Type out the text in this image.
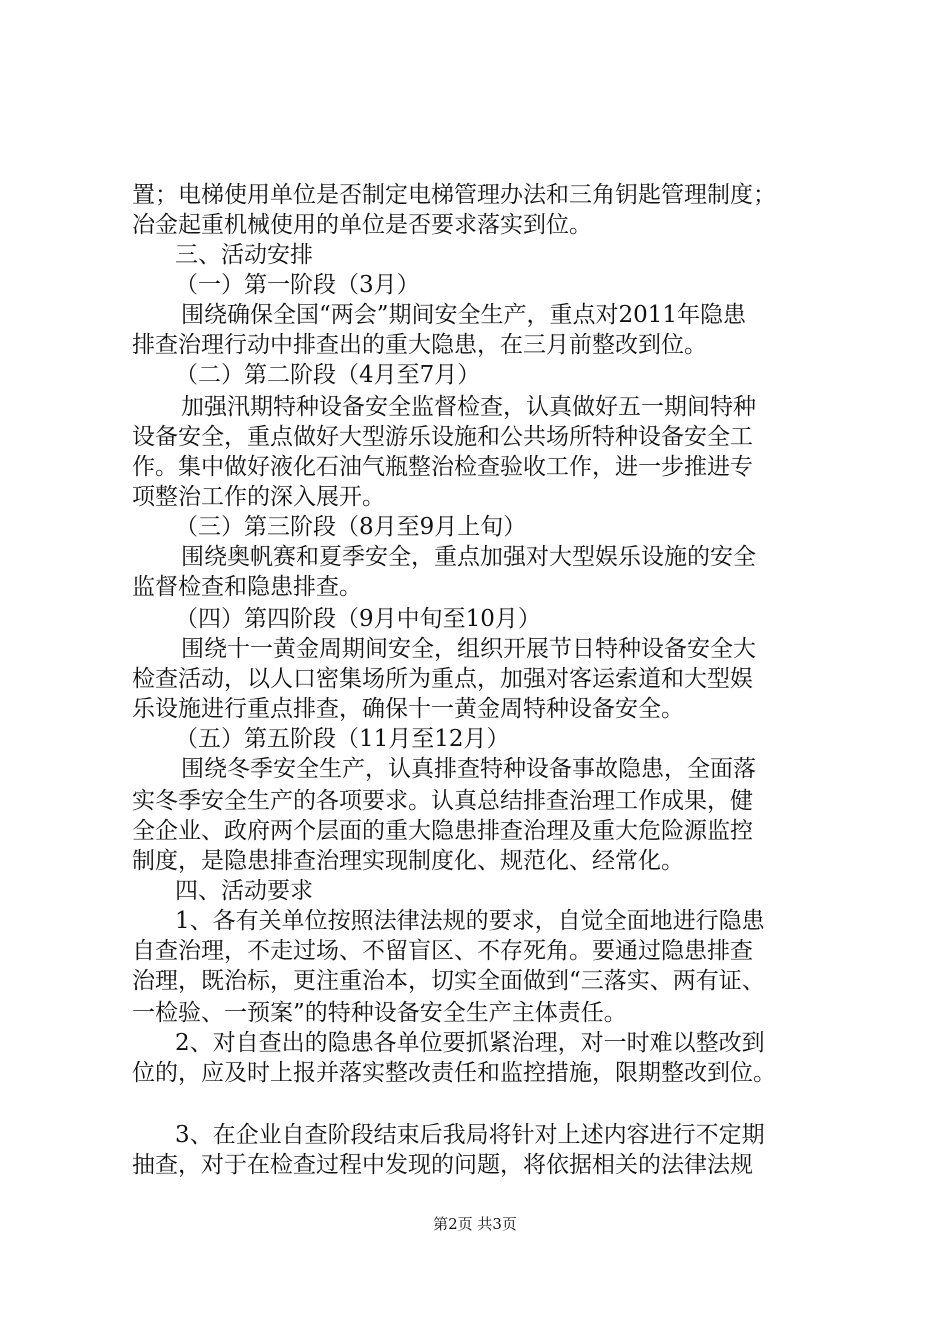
置；电梯使用单位是否制定电梯管理办法和三角钥匙管理制度；
冶金起重机械使用的单位是否要求落实到位。
三、活动安排
（一）第一阶段（3月）
围绕确保全国“两会”期间安全生产，重点对2011年隐患
排查治理行动中排查出的重大隐患，在三月前整改到位。
（二）第二阶段（4月至7月）
加强汛期特种设备安全监督检查，认真做好五一期间特种
设备安全，重点做好大型游乐设施和公共场所特种设备安全工
作。集中做好液化石油气瓶整治检查验收工作，进一步推进专
项整治工作的深入展开。
（三）第三阶段（8月至9月上旬）
围绕奥帆赛和夏季安全，重点加强对大型娱乐设施的安全
监督检查和隐患排查。
（四）第四阶段（9月中旬至10月）
围绕十一黄金周期间安全，组织开展节日特种设备安全大
检查活动，以人口密集场所为重点，加强对客运索道和大型娱
乐设施进行重点排查，确保十一黄金周特种设备安全。
（五）第五阶段（11月至12月）
围绕冬季安全生产，认真排查特种设备事故隐患，全面落
实冬季安全生产的各项要求。认真总结排查治理工作成果，健
全企业、政府两个层面的重大隐患排查治理及重大危险源监控
制度，是隐患排查治理实现制度化、规范化、经常化。
四、活动要求
1、各有关单位按照法律法规的要求，自觉全面地进行隐患
自查治理，不走过场、不留盲区、不存死角。要通过隐患排查
治理，既治标，更注重治本，切实全面做到“三落实、两有证、
一检验、一预案”的特种设备安全生产主体责任。
2、对自查出的隐患各单位要抓紧治理，对一时难以整改到
位的，应及时上报并落实整改责任和监控措施，限期整改到位。
3、在企业自查阶段结束后我局将针对上述内容进行不定期
抽查，对于在检查过程中发现的问题，将依据相关的法律法规
第2页 共3页
